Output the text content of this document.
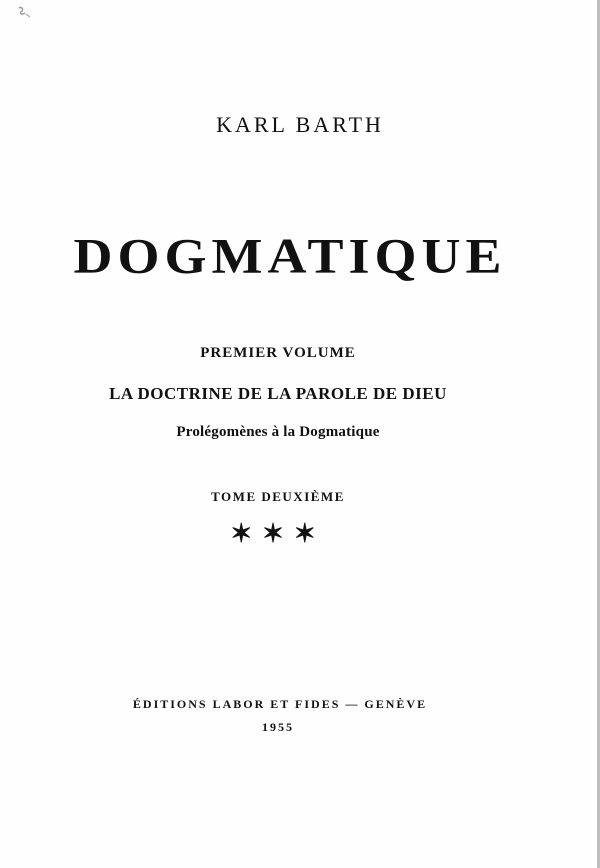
KARL BARTH
DOGMATIQUE
PREMIER VOLUME
LA DOCTRINE DE LA PAROLE DE DIEU
Prolégomènes à la Dogmatique
TOME DEUXIÈME
✶✶✶
ÉDITIONS LABOR ET FIDES — GENÈVE
1955
